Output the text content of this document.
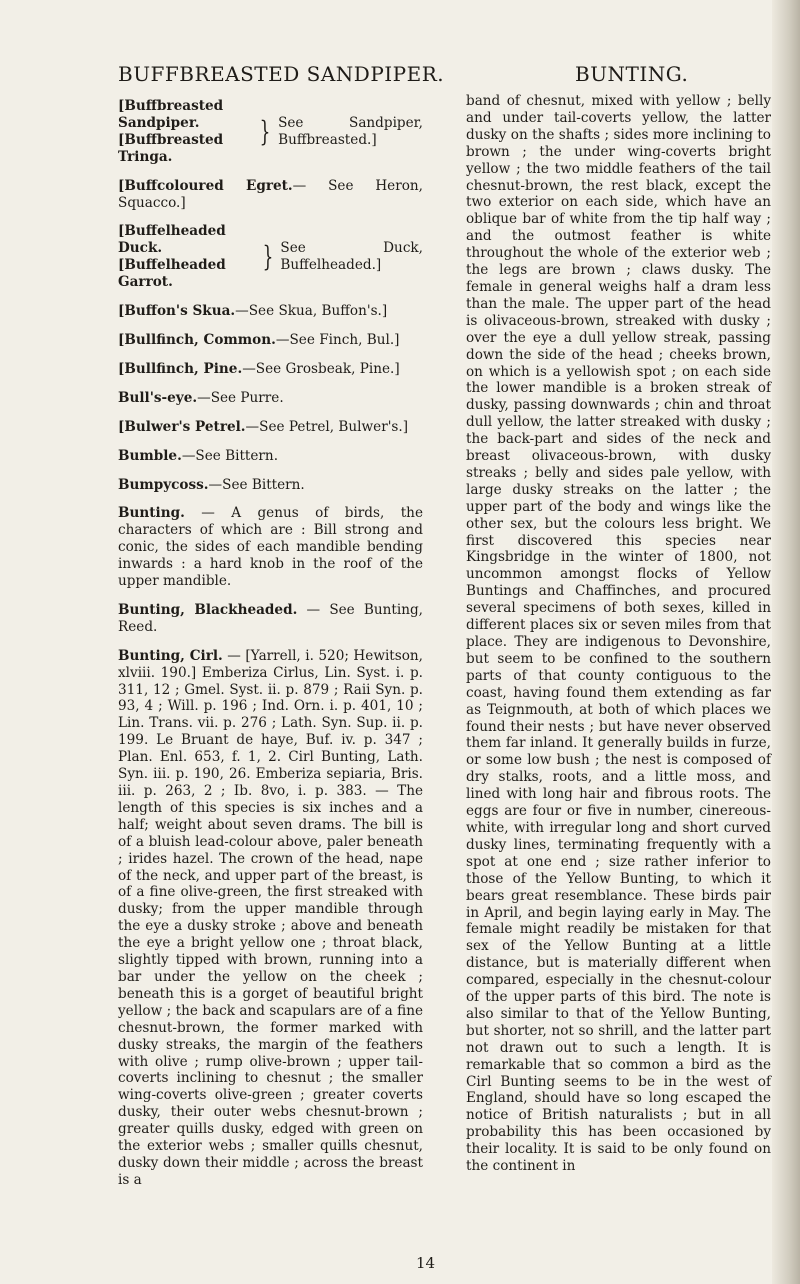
BUFFBREASTED SANDPIPER.	BUNTING.

[Buffbreasted Sandpiper.
[Buffbreasted Tringa.
} See Sandpiper, Buffbreasted.]

[Buffcoloured Egret.— See Heron, Squacco.]

[Buffelheaded Duck.
[Buffelheaded Garrot.
} See Duck, Buffelheaded.]

[Buffon's Skua.—See Skua, Buffon's.]

[Bullfinch, Common.—See Finch, Bul.]

[Bullfinch, Pine.—See Grosbeak, Pine.]

Bull's-eye.—See Purre.

[Bulwer's Petrel.—See Petrel, Bulwer's.]

Bumble.—See Bittern.

Bumpycoss.—See Bittern.

Bunting. — A genus of birds, the characters of which are : Bill strong and conic, the sides of each mandible bending inwards : a hard knob in the roof of the upper mandible.

Bunting, Blackheaded. — See Bunting, Reed.

Bunting, Cirl. — [Yarrell, i. 520; Hewitson, xlviii. 190.] Emberiza Cirlus, Lin. Syst. i. p. 311, 12 ; Gmel. Syst. ii. p. 879 ; Raii Syn. p. 93, 4 ; Will. p. 196 ; Ind. Orn. i. p. 401, 10 ; Lin. Trans. vii. p. 276 ; Lath. Syn. Sup. ii. p. 199. Le Bruant de haye, Buf. iv. p. 347 ; Plan. Enl. 653, f. 1, 2. Cirl Bunting, Lath. Syn. iii. p. 190, 26. Emberiza sepiaria, Bris. iii. p. 263, 2 ; Ib. 8vo, i. p. 383. — The length of this species is six inches and a half; weight about seven drams. The bill is of a bluish lead-colour above, paler beneath ; irides hazel. The crown of the head, nape of the neck, and upper part of the breast, is of a fine olive-green, the first streaked with dusky; from the upper mandible through the eye a dusky stroke ; above and beneath the eye a bright yellow one ; throat black, slightly tipped with brown, running into a bar under the yellow on the cheek ; beneath this is a gorget of beautiful bright yellow ; the back and scapulars are of a fine chesnut-brown, the former marked with dusky streaks, the margin of the feathers with olive ; rump olive-brown ; upper tail-coverts inclining to chesnut ; the smaller wing-coverts olive-green ; greater coverts dusky, their outer webs chesnut-brown ; greater quills dusky, edged with green on the exterior webs ; smaller quills chesnut, dusky down their middle ; across the breast is a

band of chesnut, mixed with yellow ; belly and under tail-coverts yellow, the latter dusky on the shafts ; sides more inclining to brown ; the under wing-coverts bright yellow ; the two middle feathers of the tail chesnut-brown, the rest black, except the two exterior on each side, which have an oblique bar of white from the tip half way ; and the outmost feather is white throughout the whole of the exterior web ; the legs are brown ; claws dusky. The female in general weighs half a dram less than the male. The upper part of the head is olivaceous-brown, streaked with dusky ; over the eye a dull yellow streak, passing down the side of the head ; cheeks brown, on which is a yellowish spot ; on each side the lower mandible is a broken streak of dusky, passing downwards ; chin and throat dull yellow, the latter streaked with dusky ; the back-part and sides of the neck and breast olivaceous-brown, with dusky streaks ; belly and sides pale yellow, with large dusky streaks on the latter ; the upper part of the body and wings like the other sex, but the colours less bright. We first discovered this species near Kingsbridge in the winter of 1800, not uncommon amongst flocks of Yellow Buntings and Chaffinches, and procured several specimens of both sexes, killed in different places six or seven miles from that place. They are indigenous to Devonshire, but seem to be confined to the southern parts of that county contiguous to the coast, having found them extending as far as Teignmouth, at both of which places we found their nests ; but have never observed them far inland. It generally builds in furze, or some low bush ; the nest is composed of dry stalks, roots, and a little moss, and lined with long hair and fibrous roots. The eggs are four or five in number, cinereous-white, with irregular long and short curved dusky lines, terminating frequently with a spot at one end ; size rather inferior to those of the Yellow Bunting, to which it bears great resemblance. These birds pair in April, and begin laying early in May. The female might readily be mistaken for that sex of the Yellow Bunting at a little distance, but is materially different when compared, especially in the chesnut-colour of the upper parts of this bird. The note is also similar to that of the Yellow Bunting, but shorter, not so shrill, and the latter part not drawn out to such a length. It is remarkable that so common a bird as the Cirl Bunting seems to be in the west of England, should have so long escaped the notice of British naturalists ; but in all probability this has been occasioned by their locality. It is said to be only found on the continent in

14
